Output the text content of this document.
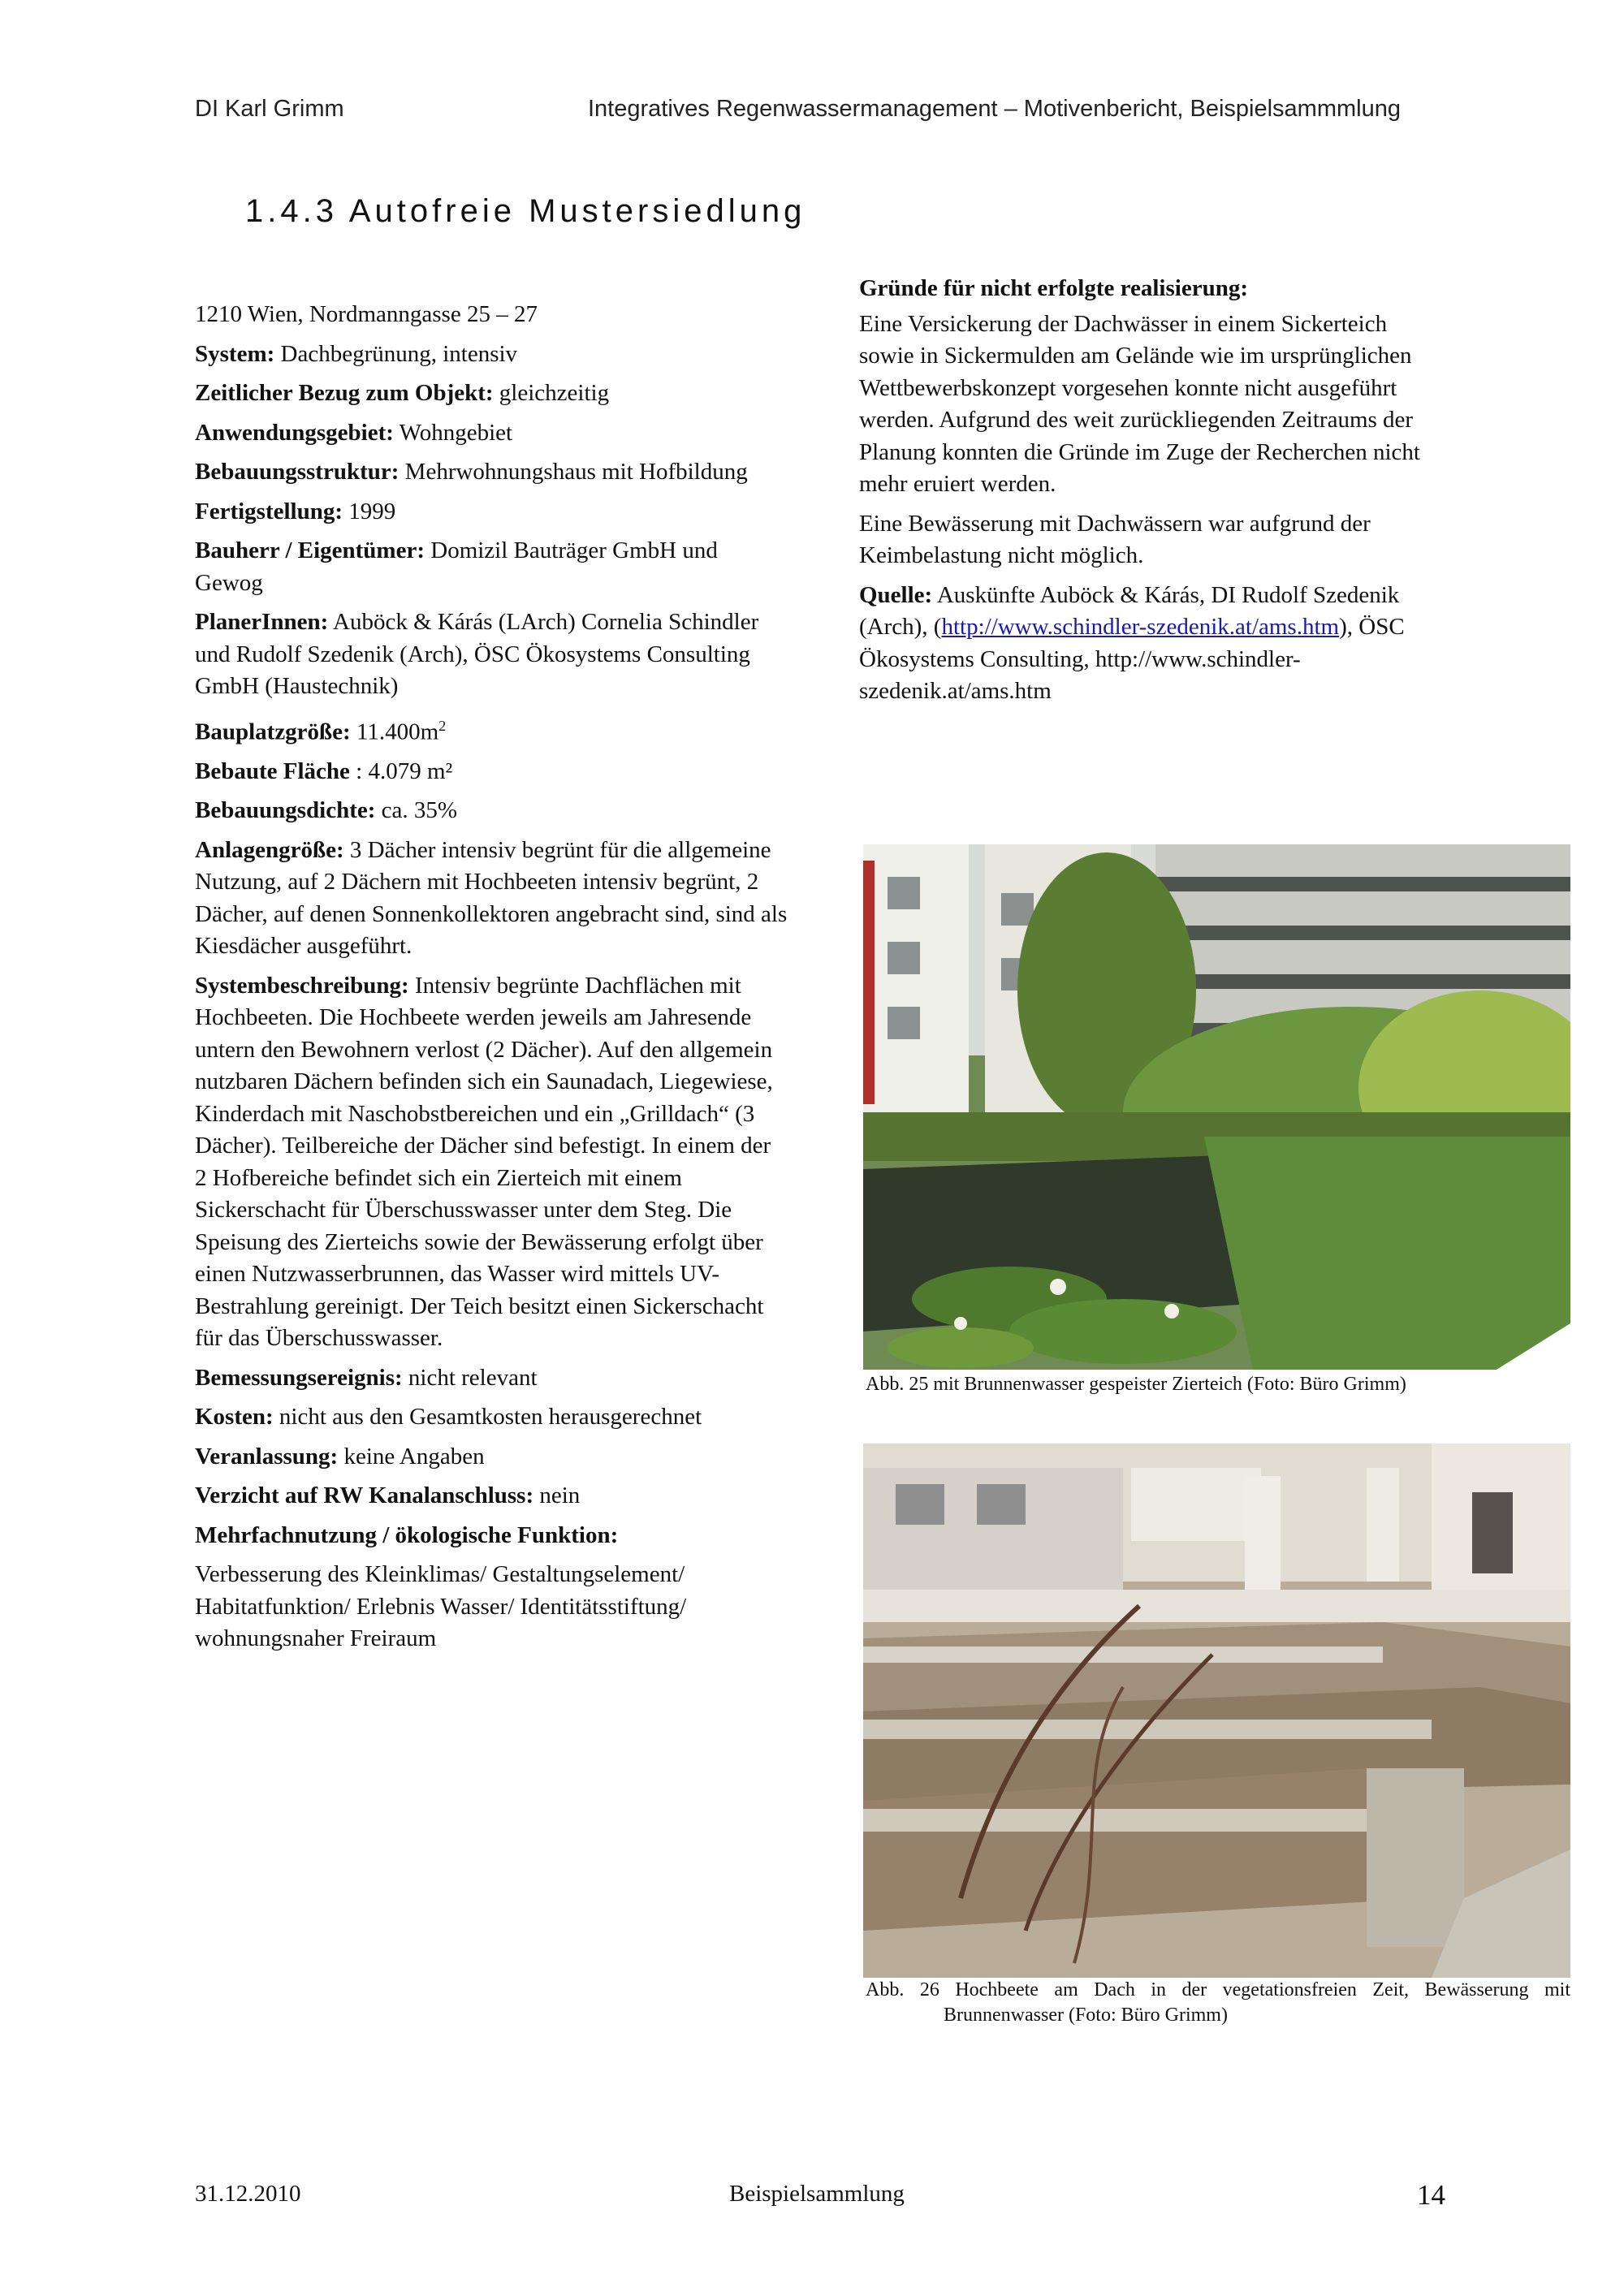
DI Karl Grimm	Integratives Regenwassermanagement – Motivenbericht, Beispielsammmlung
1.4.3 Autofreie Mustersiedlung
1210 Wien, Nordmanngasse 25 – 27
System: Dachbegrünung, intensiv
Zeitlicher Bezug zum Objekt: gleichzeitig
Anwendungsgebiet: Wohngebiet
Bebauungsstruktur: Mehrwohnungshaus mit Hofbildung
Fertigstellung: 1999
Bauherr / Eigentümer: Domizil Bauträger GmbH und Gewog
PlanerInnen: Auböck & Kárás (LArch) Cornelia Schindler und Rudolf Szedenik (Arch), ÖSC Ökosystems Consulting GmbH (Haustechnik)
Bauplatzgröße: $11.400m^2$
Bebaute Fläche : 4.079 m²
Bebauungsdichte: ca. 35%
Anlagengröße: 3 Dächer intensiv begrünt für die allgemeine Nutzung, auf 2 Dächern mit Hochbeeten intensiv begrünt, 2 Dächer, auf denen Sonnenkollektoren angebracht sind, sind als Kiesdächer ausgeführt.
Systembeschreibung: Intensiv begrünte Dachflächen mit Hochbeeten. Die Hochbeete werden jeweils am Jahresende untern den Bewohnern verlost (2 Dächer). Auf den allgemein nutzbaren Dächern befinden sich ein Saunadach, Liegewiese, Kinderdach mit Naschobstbereichen und ein „Grilldach“ (3 Dächer). Teilbereiche der Dächer sind befestigt. In einem der 2 Hofbereiche befindet sich ein Zierteich mit einem Sickerschacht für Überschusswasser unter dem Steg. Die Speisung des Zierteichs sowie der Bewässerung erfolgt über einen Nutzwasserbrunnen, das Wasser wird mittels UV-Bestrahlung gereinigt. Der Teich besitzt einen Sickerschacht für das Überschusswasser.
Bemessungsereignis: nicht relevant
Kosten: nicht aus den Gesamtkosten herausgerechnet
Veranlassung: keine Angaben
Verzicht auf RW Kanalanschluss: nein
Mehrfachnutzung / ökologische Funktion:
Verbesserung des Kleinklimas/ Gestaltungselement/ Habitatfunktion/ Erlebnis Wasser/ Identitätsstiftung/ wohnungsnaher Freiraum
Gründe für nicht erfolgte realisierung:
Eine Versickerung der Dachwässer in einem Sickerteich sowie in Sickermulden am Gelände wie im ursprünglichen Wettbewerbskonzept vorgesehen konnte nicht ausgeführt werden. Aufgrund des weit zurückliegenden Zeitraums der Planung konnten die Gründe im Zuge der Recherchen nicht mehr eruiert werden.
Eine Bewässerung mit Dachwässern war aufgrund der Keimbelastung nicht möglich.
Quelle: Auskünfte Auböck & Kárás, DI Rudolf Szedenik (Arch), (http://www.schindler-szedenik.at/ams.htm), ÖSC Ökosystems Consulting, http://www.schindler-szedenik.at/ams.htm
Abb. 25 mit Brunnenwasser gespeister Zierteich (Foto: Büro Grimm)
Abb. 26 Hochbeete am Dach in der vegetationsfreien Zeit, Bewässerung mit
Brunnenwasser (Foto: Büro Grimm)
31.12.2010	Beispielsammlung	14
